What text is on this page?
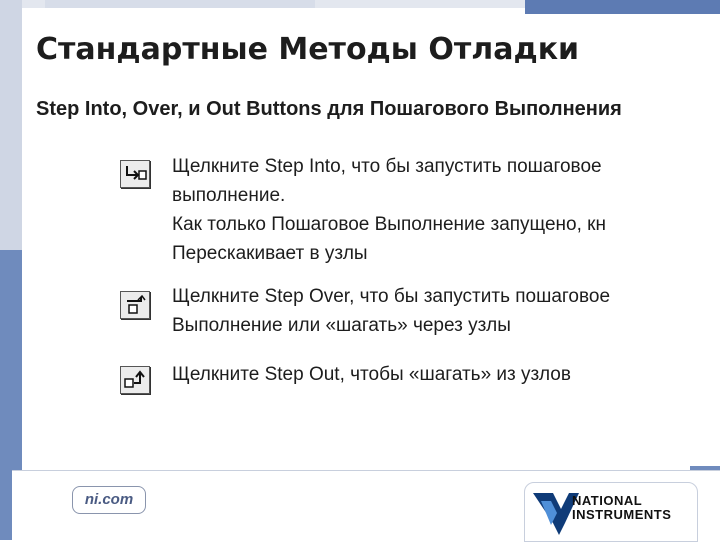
Стандартные Методы Отладки
Step Into, Over, и Out Buttons для Пошагового Выполнения

Щелкните Step Into, что бы запустить пошаговое

выполнение.

Как только Пошаговое Выполнение запущено, кн

Перескакивает в узлы

Щелкните Step Over, что бы запустить пошаговое

Выполнение или «шагать» через узлы

Щелкните Step Out, чтобы «шагать» из узлов

ni.com	NATIONAL
INSTRUMENTS
